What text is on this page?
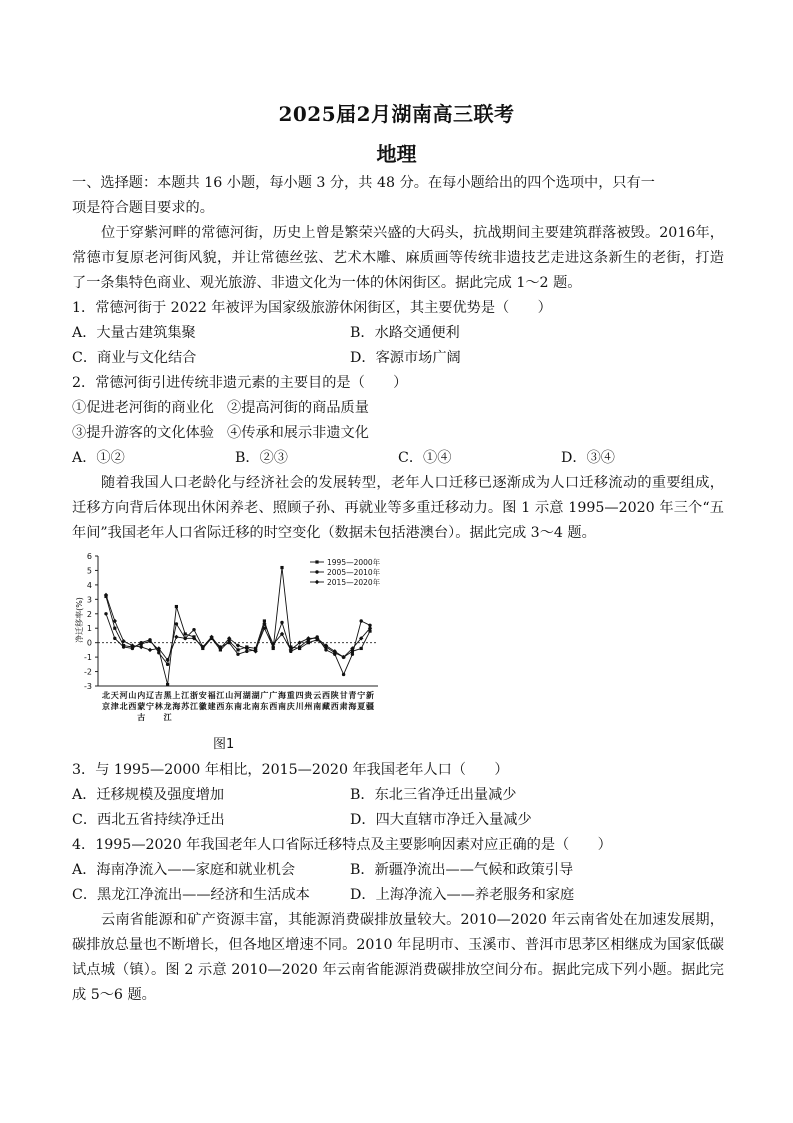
2025届2月湖南高三联考
地理

一、选择题：本题共 16 小题，每小题 3 分，共 48 分。在每小题给出的四个选项中，只有一

项是符合题目要求的。

位于穿紫河畔的常德河街，历史上曾是繁荣兴盛的大码头，抗战期间主要建筑群落被毁。2016年，常德市复原老河街风貌，并让常德丝弦、艺术木雕、麻质画等传统非遗技艺走进这条新生的老街，打造了一条集特色商业、观光旅游、非遗文化为一体的休闲街区。据此完成 1～2 题。

1．常德河街于 2022 年被评为国家级旅游休闲街区，其主要优势是（　　）

A．大量古建筑集聚	B．水路交通便利
C．商业与文化结合	D．客源市场广阔

2．常德河街引进传统非遗元素的主要目的是（　　）

①促进老河街的商业化 ②提高河街的商品质量
③提升游客的文化体验 ④传承和展示非遗文化
A．①②	B．②③	C．①④	D．③④

随着我国人口老龄化与经济社会的发展转型，老年人口迁移已逐渐成为人口迁移流动的重要组成，迁移方向背后体现出休闲养老、照顾子孙、再就业等多重迁移动力。图 1 示意 1995—2020 年三个“五年间”我国老年人口省际迁移的时空变化（数据未包括港澳台）。据此完成 3～4 题。

-3
-2
-1
0
1
2
3
4
5
6
净迁移率(%)
北 天 河 山 内 辽 吉 黑 上 江 浙 安 福 江 山 河 湖 湖 广 广 海 重 四 贵 云 西 陕 甘 青 宁 新
京 津 北 西 蒙 宁 林 龙 海 苏 江 徽 建 西 东 南 北 南 东 西 南 庆 川 州 南 藏 西 肃 海 夏 疆
古 江
1995—2000年
2005—2010年
2015—2020年
图1

3．与 1995—2000 年相比，2015—2020 年我国老年人口（　　）

A．迁移规模及强度增加	B．东北三省净迁出量减少
C．西北五省持续净迁出	D．四大直辖市净迁入量减少

4．1995—2020 年我国老年人口省际迁移特点及主要影响因素对应正确的是（　　）

A．海南净流入——家庭和就业机会	B．新疆净流出——气候和政策引导
C．黑龙江净流出——经济和生活成本	D．上海净流入——养老服务和家庭

云南省能源和矿产资源丰富，其能源消费碳排放量较大。2010—2020 年云南省处在加速发展期，碳排放总量也不断增长，但各地区增速不同。2010 年昆明市、玉溪市、普洱市思茅区相继成为国家低碳试点城（镇）。图 2 示意 2010—2020 年云南省能源消费碳排放空间分布。据此完成下列小题。据此完成 5～6 题。
